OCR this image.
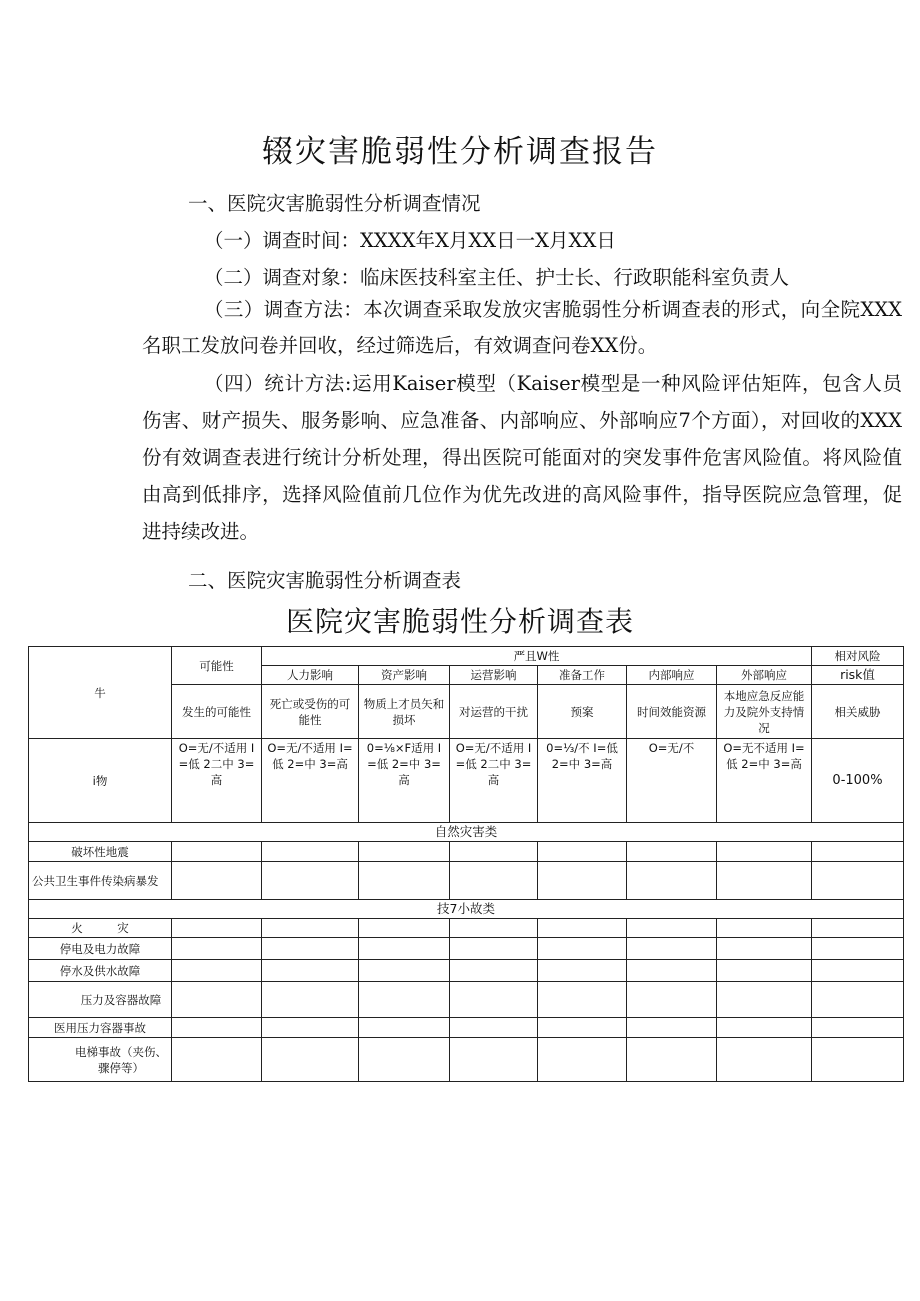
辍灾害脆弱性分析调查报告

一、医院灾害脆弱性分析调查情况

（一）调查时间：XXXX年X月XX日一X月XX日

（二）调查对象：临床医技科室主任、护士长、行政职能科室负责人

（三）调查方法：本次调查采取发放灾害脆弱性分析调查表的形式，向全院XXX名职工发放问卷并回收，经过筛选后，有效调查问卷XX份。

（四）统计方法:运用Kaiser模型（Kaiser模型是一种风险评估矩阵，包含人员伤害、财产损失、服务影响、应急准备、内部响应、外部响应7个方面），对回收的XXX份有效调查表进行统计分析处理，得出医院可能面对的突发事件危害风险值。将风险值由高到低排序，选择风险值前几位作为优先改进的高风险事件，指导医院应急管理，促进持续改进。

二、医院灾害脆弱性分析调查表

医院灾害脆弱性分析调查表
牛	可能性	严且W性						相对风险
		人力影响	资产影响	运营影响	准备工作	内部响应	外部响应	risk值
	发生的可能性	死亡或受伤的可能性	物质上才员矢和损坏	对运营的干扰	预案	时间效能资源	本地应急反应能力及院外支持情况	相关威胁
i物	O=无/不适用 I=低 2二中 3=高	O=无/不适用 I=低 2=中 3=高	0=⅛×F适用 I=低 2=中 3=高	O=无/不适用 I=低 2二中 3=高	0=⅓/不 I=低 2=中 3=高	O=无/不	O=无不适用 I=低 2=中 3=高	0-100%
自然灾害类								
破坏性地震								
公共卫生事件传染病暴发								
技7小故类								
火　　　灾								
停电及电力故障								
停水及供水故障								
压力及容器故障								
医用压力容器事故								
电梯事故（夹伤、骤停等）								
